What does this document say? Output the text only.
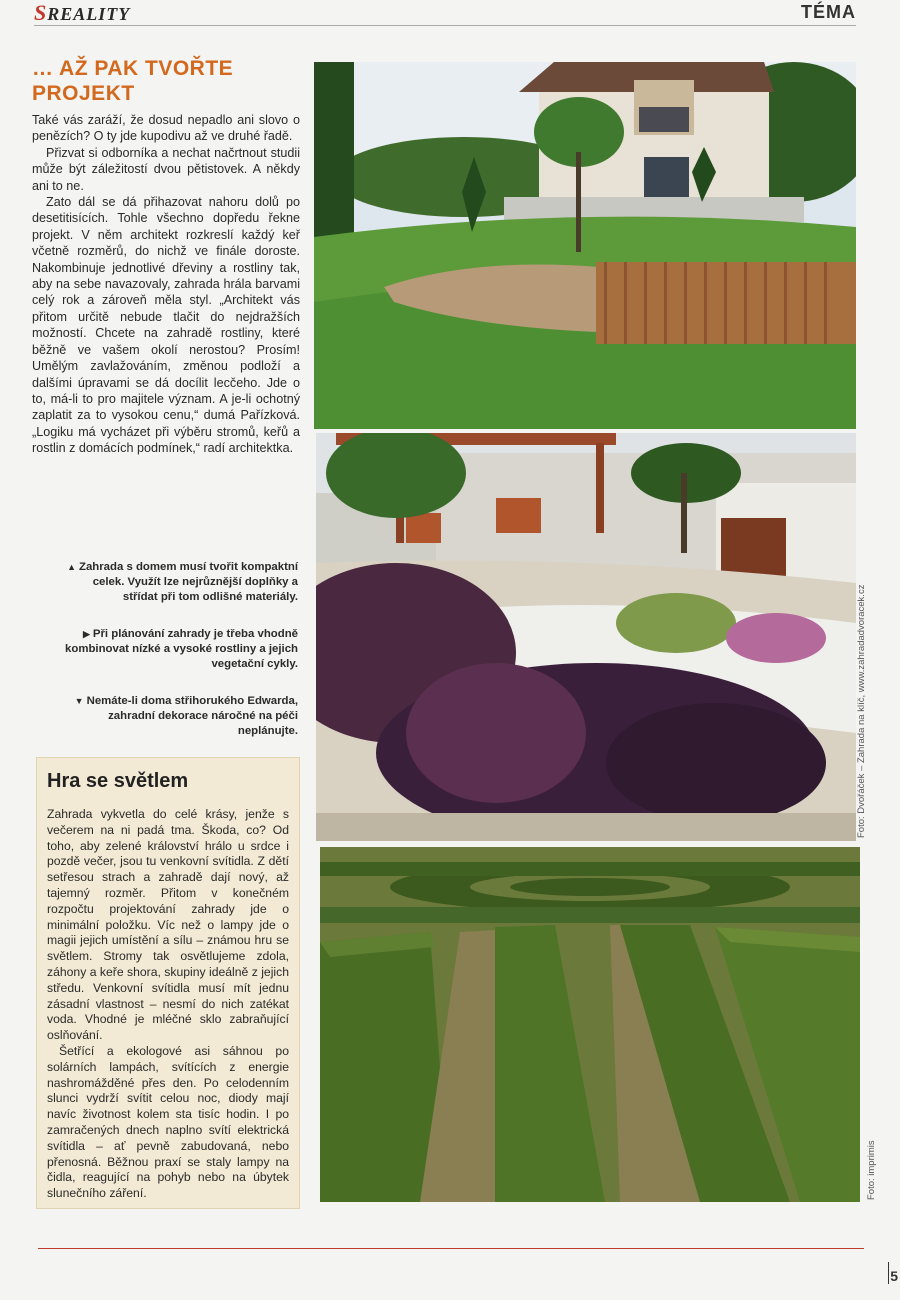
SREALITY	TÉMA
… AŽ PAK TVOŘTE PROJEKT

Také vás zaráží, že dosud nepadlo ani slovo o penězích? O ty jde kupodivu až ve druhé řadě.

Přizvat si odborníka a nechat načrtnout studii může být záležitostí dvou pětistovek. A někdy ani to ne.

Zato dál se dá přihazovat nahoru dolů po desetitisících. Tohle všechno dopředu řekne projekt. V něm architekt rozkreslí každý keř včetně rozměrů, do nichž ve finále doroste. Nakombinuje jednotlivé dřeviny a rostliny tak, aby na sebe navazovaly, zahrada hrála barvami celý rok a zároveň měla styl. „Architekt vás přitom určitě nebude tlačit do nejdražších možností. Chcete na zahradě rostliny, které běžně ve vašem okolí nerostou? Prosím! Umělým zavlažováním, změnou podloží a dalšími úpravami se dá docílit lecčeho. Jde o to, má-li to pro majitele význam. A je-li ochotný zaplatit za to vysokou cenu,“ dumá Pařízková. „Logiku má vycházet při výběru stromů, keřů a rostlin z domácích podmínek,“ radí architektka.

▲ Zahrada s domem musí tvořit kompaktní celek. Využít lze nejrůznější doplňky a střídat při tom odlišné materiály.
▶ Při plánování zahrady je třeba vhodně kombinovat nízké a vysoké rostliny a jejich vegetační cykly.
▼ Nemáte-li doma střihorukého Edwarda, zahradní dekorace náročné na péči neplánujte.
Hra se světlem

Zahrada vykvetla do celé krásy, jenže s večerem na ni padá tma. Škoda, co? Od toho, aby zelené království hrálo u srdce i pozdě večer, jsou tu venkovní svítidla. Z dětí setřesou strach a zahradě dají nový, až tajemný rozměr. Přitom v konečném rozpočtu projektování zahrady jde o minimální položku. Víc než o lampy jde o magii jejich umístění a sílu – známou hru se světlem. Stromy tak osvětlujeme zdola, záhony a keře shora, skupiny ideálně z jejich středu. Venkovní svítidla musí mít jednu zásadní vlastnost – nesmí do nich zatékat voda. Vhodné je mléčné sklo zabraňující oslňování.

Šetřící a ekologové asi sáhnou po solárních lampách, svítících z energie nashromážděné přes den. Po celodenním slunci vydrží svítit celou noc, diody mají navíc životnost kolem sta tisíc hodin. I po zamračených dnech naplno svítí elektrická svítidla – ať pevně zabudovaná, nebo přenosná. Běžnou praxí se staly lampy na čidla, reagující na pohyb nebo na úbytek slunečního záření.

Foto: Dvořáček – Zahrada na klíč, www.zahradadvoracek.cz
Foto: imprimis
5
